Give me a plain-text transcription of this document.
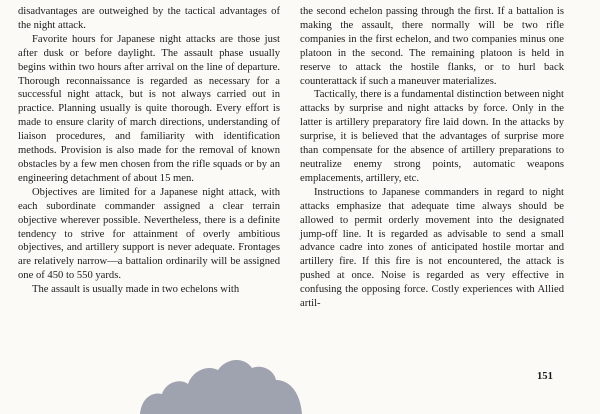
disadvantages are outweighed by the tactical advantages of the night attack.

Favorite hours for Japanese night attacks are those just after dusk or before daylight. The assault phase usually begins within two hours after arrival on the line of departure. Thorough reconnaissance is regarded as necessary for a successful night attack, but is not always carried out in practice. Planning usually is quite thorough. Every effort is made to ensure clarity of march directions, understanding of liaison procedures, and familiarity with identification methods. Provision is also made for the removal of known obstacles by a few men chosen from the rifle squads or by an engineering detachment of about 15 men.

Objectives are limited for a Japanese night attack, with each subordinate commander assigned a clear terrain objective wherever possible. Nevertheless, there is a definite tendency to strive for attainment of overly ambitious objectives, and artillery support is never adequate. Frontages are relatively narrow—a battalion ordinarily will be assigned one of 450 to 550 yards.

The assault is usually made in two echelons with

the second echelon passing through the first. If a battalion is making the assault, there normally will be two rifle companies in the first echelon, and two companies minus one platoon in the second. The remaining platoon is held in reserve to attack the hostile flanks, or to hurl back counterattack if such a maneuver materializes.

Tactically, there is a fundamental distinction between night attacks by surprise and night attacks by force. Only in the latter is artillery preparatory fire laid down. In the attacks by surprise, it is believed that the advantages of surprise more than compensate for the absence of artillery preparations to neutralize enemy strong points, automatic weapons emplacements, artillery, etc.

Instructions to Japanese commanders in regard to night attacks emphasize that adequate time always should be allowed to permit orderly movement into the designated jump-off line. It is regarded as advisable to send a small advance cadre into zones of anticipated hostile mortar and artillery fire. If this fire is not encountered, the attack is pushed at once. Noise is regarded as very effective in confusing the opposing force. Costly experiences with Allied artil-

151
